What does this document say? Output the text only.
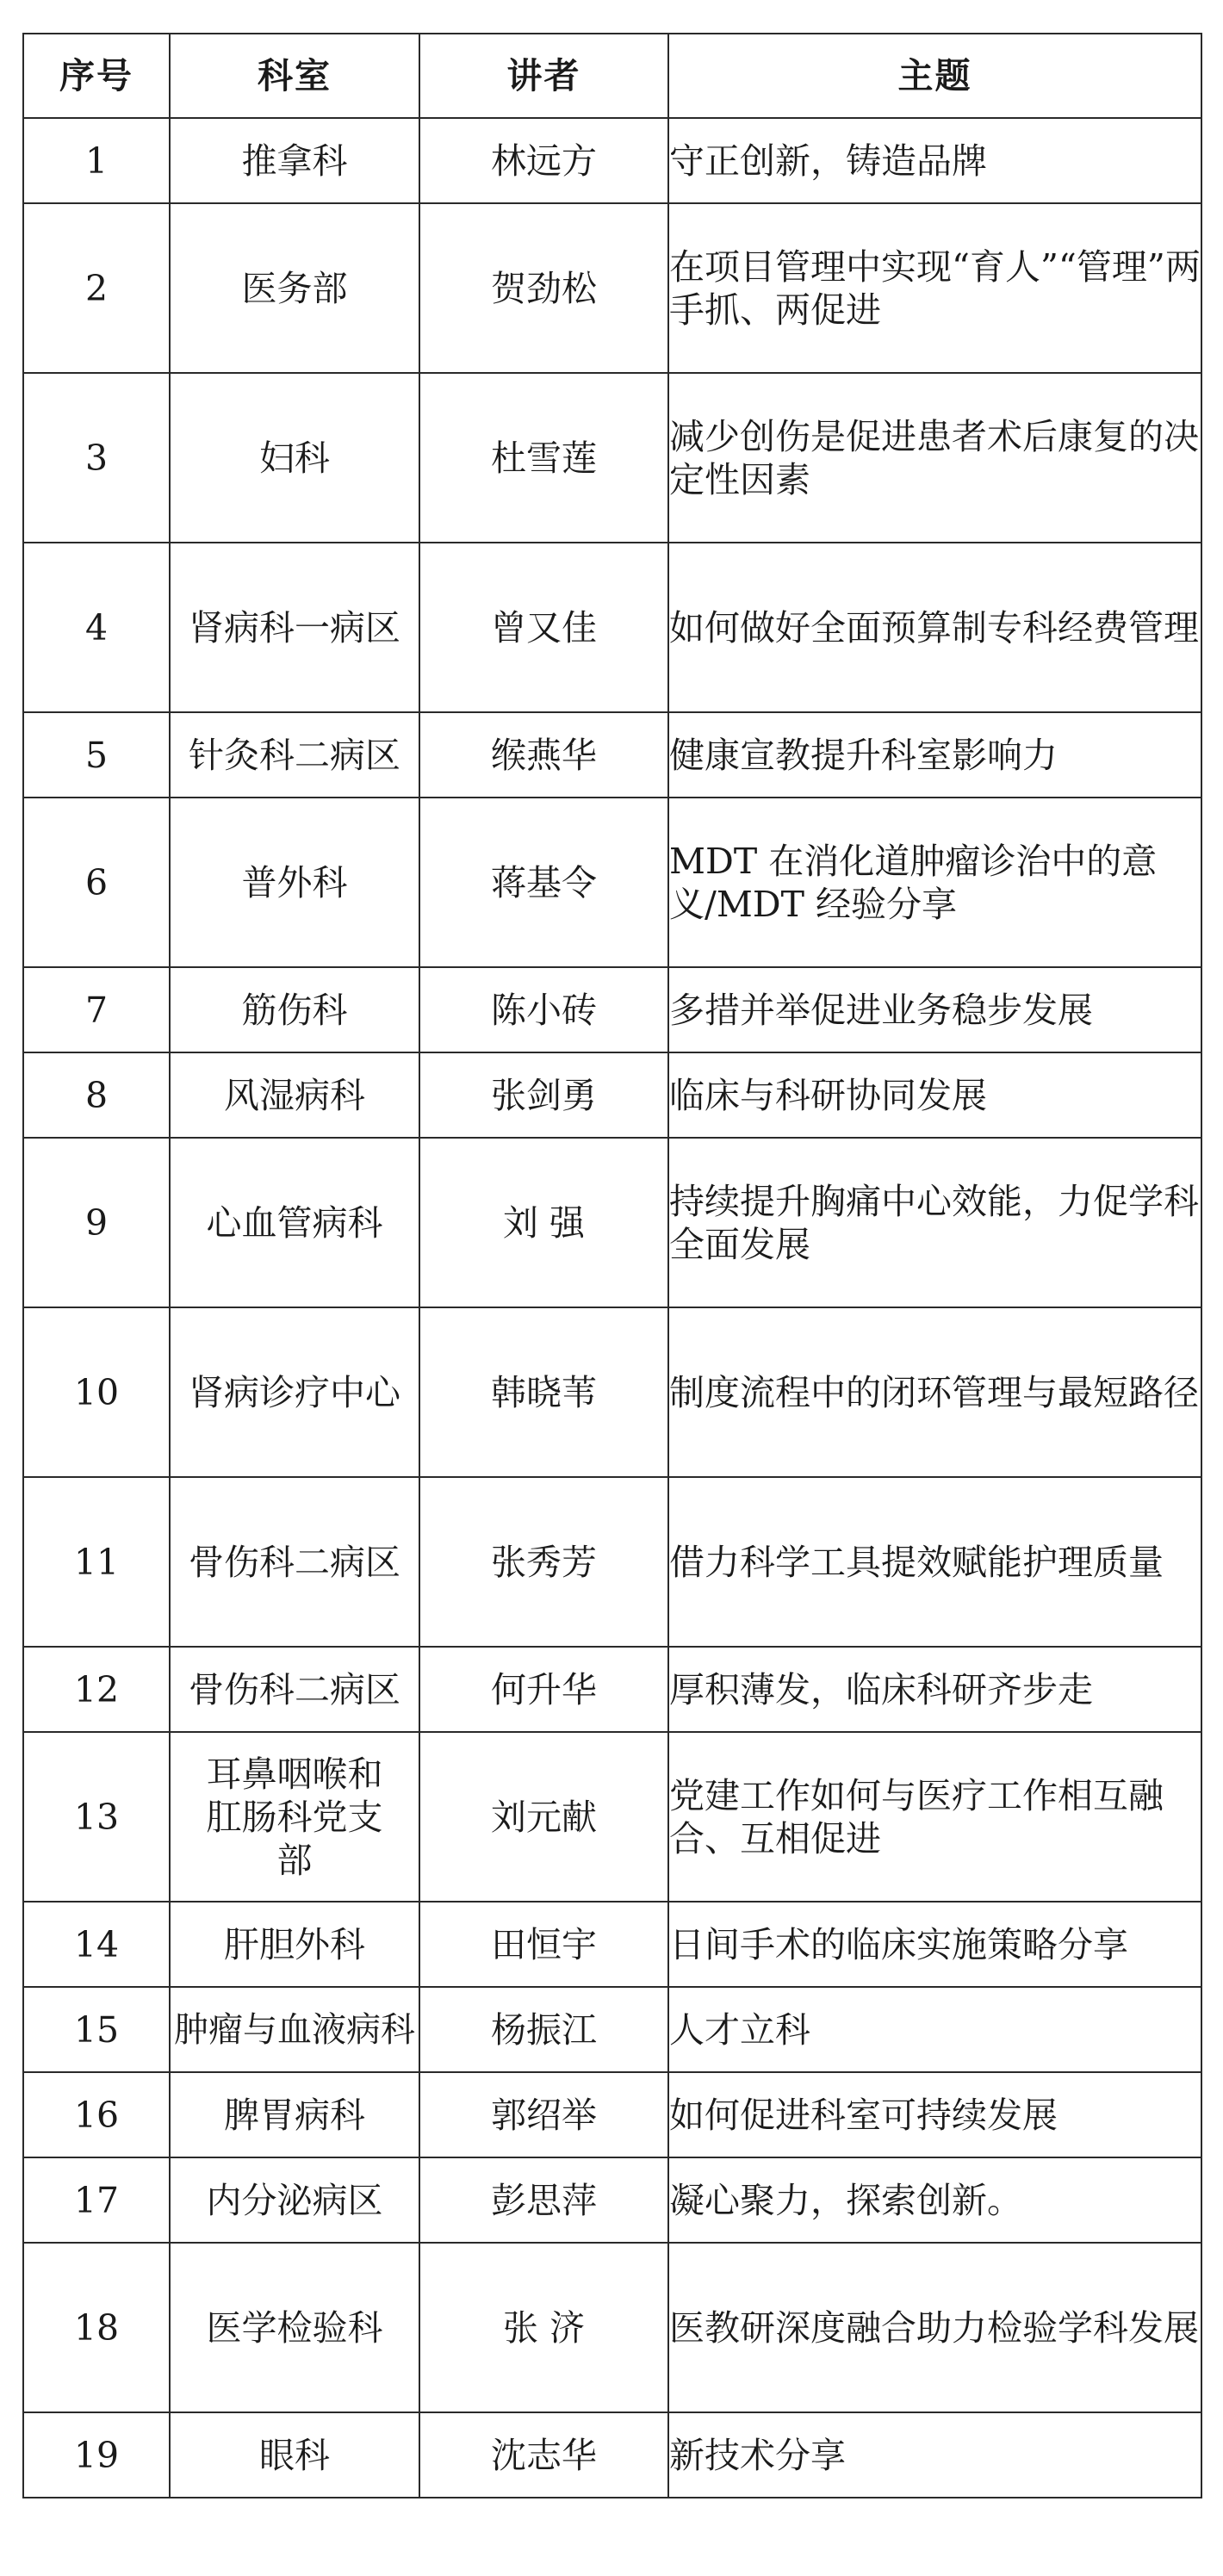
序号	科室	讲者	主题
1	推拿科	林远方	守正创新，铸造品牌
2	医务部	贺劲松	在项目管理中实现“育人”“管理”两手抓、两促进
3	妇科	杜雪莲	减少创伤是促进患者术后康复的决定性因素
4	肾病科一病区	曾又佳	如何做好全面预算制专科经费管理
5	针灸科二病区	缑燕华	健康宣教提升科室影响力
6	普外科	蒋基令	MDT 在消化道肿瘤诊治中的意义/MDT 经验分享
7	筋伤科	陈小砖	多措并举促进业务稳步发展
8	风湿病科	张剑勇	临床与科研协同发展
9	心血管病科	刘 强	持续提升胸痛中心效能，力促学科全面发展
10	肾病诊疗中心	韩晓苇	制度流程中的闭环管理与最短路径
11	骨伤科二病区	张秀芳	借力科学工具提效赋能护理质量
12	骨伤科二病区	何升华	厚积薄发，临床科研齐步走
13	耳鼻咽喉和肛肠科党支部	刘元献	党建工作如何与医疗工作相互融合、互相促进
14	肝胆外科	田恒宇	日间手术的临床实施策略分享
15	肿瘤与血液病科	杨振江	人才立科
16	脾胃病科	郭绍举	如何促进科室可持续发展
17	内分泌病区	彭思萍	凝心聚力，探索创新。
18	医学检验科	张 济	医教研深度融合助力检验学科发展
19	眼科	沈志华	新技术分享
